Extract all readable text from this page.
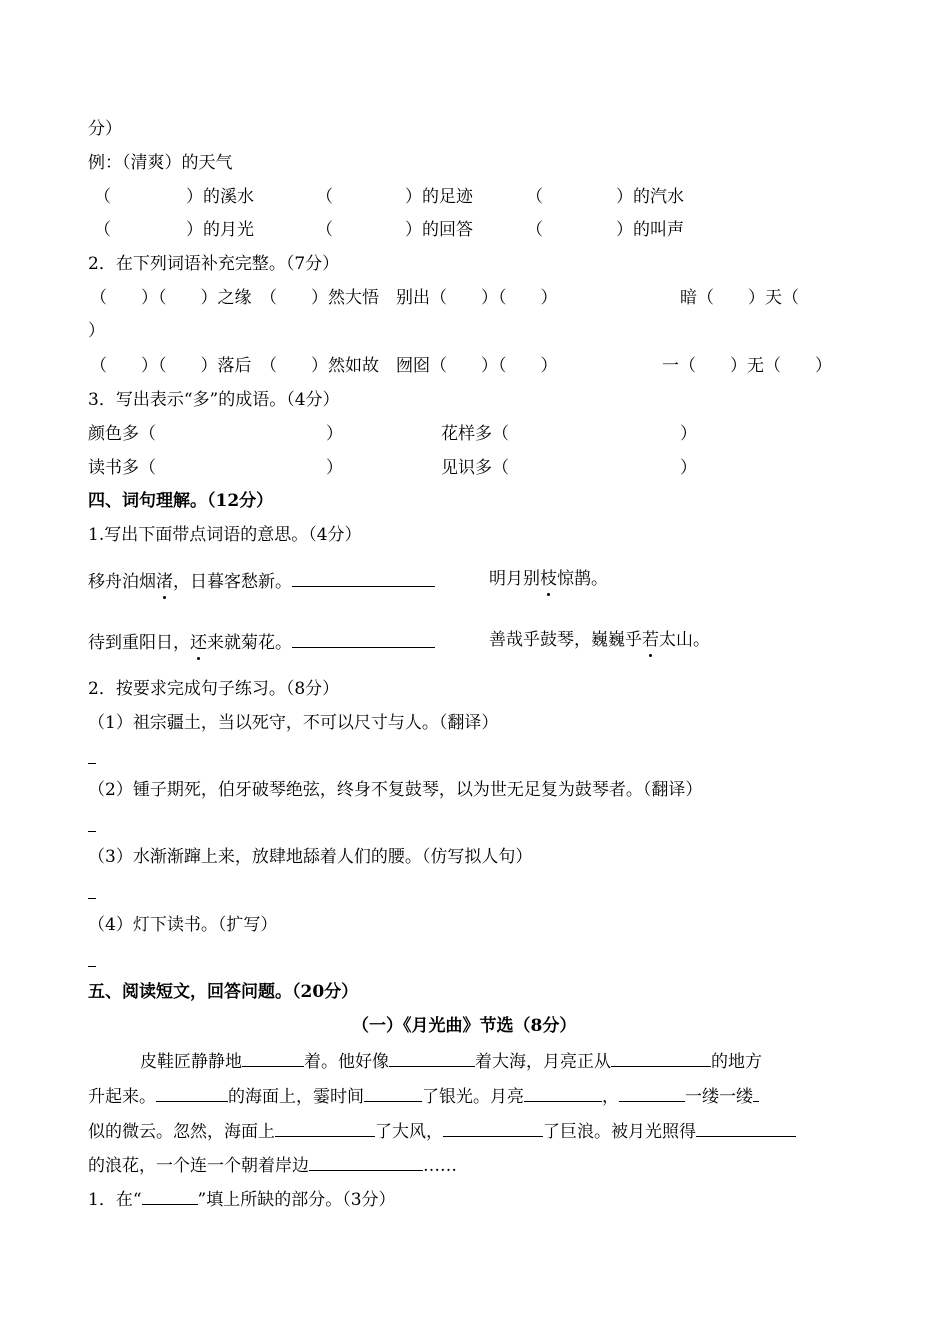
分）
例：（清爽）的天气
（	）的溪水	（	）的足迹	（	）的汽水
（	）的月光	（	）的回答	（	）的叫声
2．在下列词语补充完整。（7分）
（　　）（　　）之缘　（　　）然大悟　别出（　　）（　　）	暗（　　）天（
）
（　　）（　　）落后　（　　）然如故　囫囵（　　）（　　）	一（　　）无（　　）
3．写出表示“多”的成语。（4分）
颜色多（	）	花样多（	）
读书多（	）	见识多（	）
四、词句理解。（12分）
1.写出下面带点词语的意思。（4分）
移舟泊烟渚，日暮客愁新。	明月别枝惊鹊。
待到重阳日，还来就菊花。	善哉乎鼓琴，巍巍乎若太山。
2．按要求完成句子练习。（8分）
（1）祖宗疆土，当以死守，不可以尺寸与人。（翻译）
（2）锺子期死，伯牙破琴绝弦，终身不复鼓琴，以为世无足复为鼓琴者。（翻译）
（3）水渐渐蹿上来，放肆地舔着人们的腰。（仿写拟人句）
（4）灯下读书。（扩写）
五、阅读短文，回答问题。（20分）
（一）《月光曲》节选（8分）
皮鞋匠静静地	着。他好像	着大海，月亮正从	的地方
升起来。	的海面上，霎时间	了银光。月亮	，	一缕一缕
似的微云。忽然，海面上	了大风，	了巨浪。被月光照得
的浪花，一个连一个朝着岸边	……
1．在“	”填上所缺的部分。（3分）
